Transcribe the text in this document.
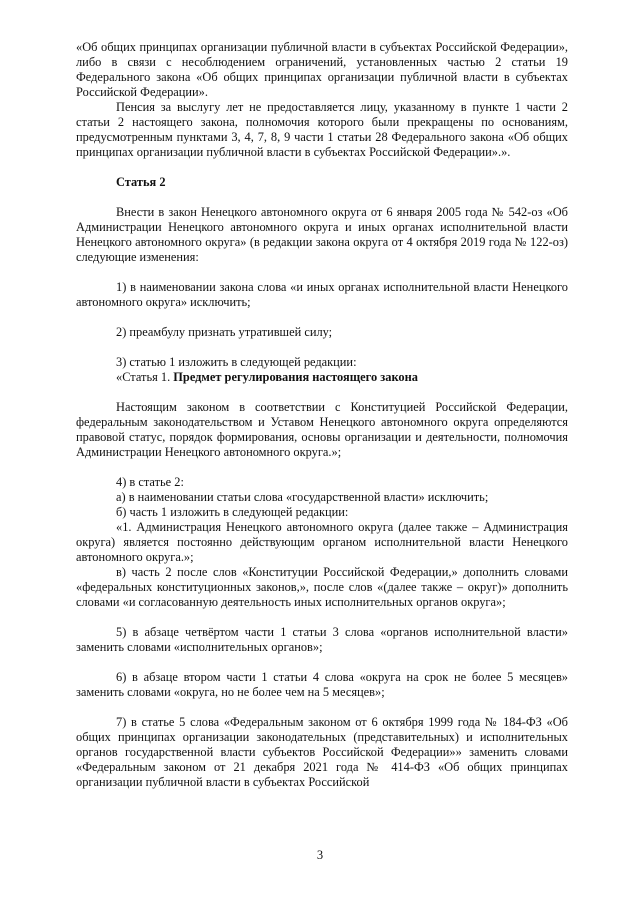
«Об общих принципах организации публичной власти в субъектах Российской Федерации», либо в связи с несоблюдением ограничений, установленных частью 2 статьи 19 Федерального закона «Об общих принципах организации публичной власти в субъектах Российской Федерации».

Пенсия за выслугу лет не предоставляется лицу, указанному в пункте 1 части 2 статьи 2 настоящего закона, полномочия которого были прекращены по основаниям, предусмотренным пунктами 3, 4, 7, 8, 9 части 1 статьи 28 Федерального закона «Об общих принципах организации публичной власти в субъектах Российской Федерации».».

Статья 2

Внести в закон Ненецкого автономного округа от 6 января 2005 года № 542-оз «Об Администрации Ненецкого автономного округа и иных органах исполнительной власти Ненецкого автономного округа» (в редакции закона округа от 4 октября 2019 года № 122-оз) следующие изменения:

1) в наименовании закона слова «и иных органах исполнительной власти Ненецкого автономного округа» исключить;

2) преамбулу признать утратившей силу;

3) статью 1 изложить в следующей редакции:

«Статья 1. Предмет регулирования настоящего закона

Настоящим законом в соответствии с Конституцией Российской Федерации, федеральным законодательством и Уставом Ненецкого автономного округа определяются правовой статус, порядок формирования, основы организации и деятельности, полномочия Администрации Ненецкого автономного округа.»;

4) в статье 2:

а) в наименовании статьи слова «государственной власти» исключить;

б) часть 1 изложить в следующей редакции:

«1. Администрация Ненецкого автономного округа (далее также – Администрация округа) является постоянно действующим органом исполнительной власти Ненецкого автономного округа.»;

в) часть 2 после слов «Конституции Российской Федерации,» дополнить словами «федеральных конституционных законов,», после слов «(далее также – округ)» дополнить словами «и согласованную деятельность иных исполнительных органов округа»;

5) в абзаце четвёртом части 1 статьи 3 слова «органов исполнительной власти» заменить словами «исполнительных органов»;

6) в абзаце втором части 1 статьи 4 слова «округа на срок не более 5 месяцев» заменить словами «округа, но не более чем на 5 месяцев»;

7) в статье 5 слова «Федеральным законом от 6 октября 1999 года № 184-ФЗ «Об общих принципах организации законодательных (представительных) и исполнительных органов государственной власти субъектов Российской Федерации»» заменить словами «Федеральным законом от 21 декабря 2021 года № 414-ФЗ «Об общих принципах организации публичной власти в субъектах Российской

3
